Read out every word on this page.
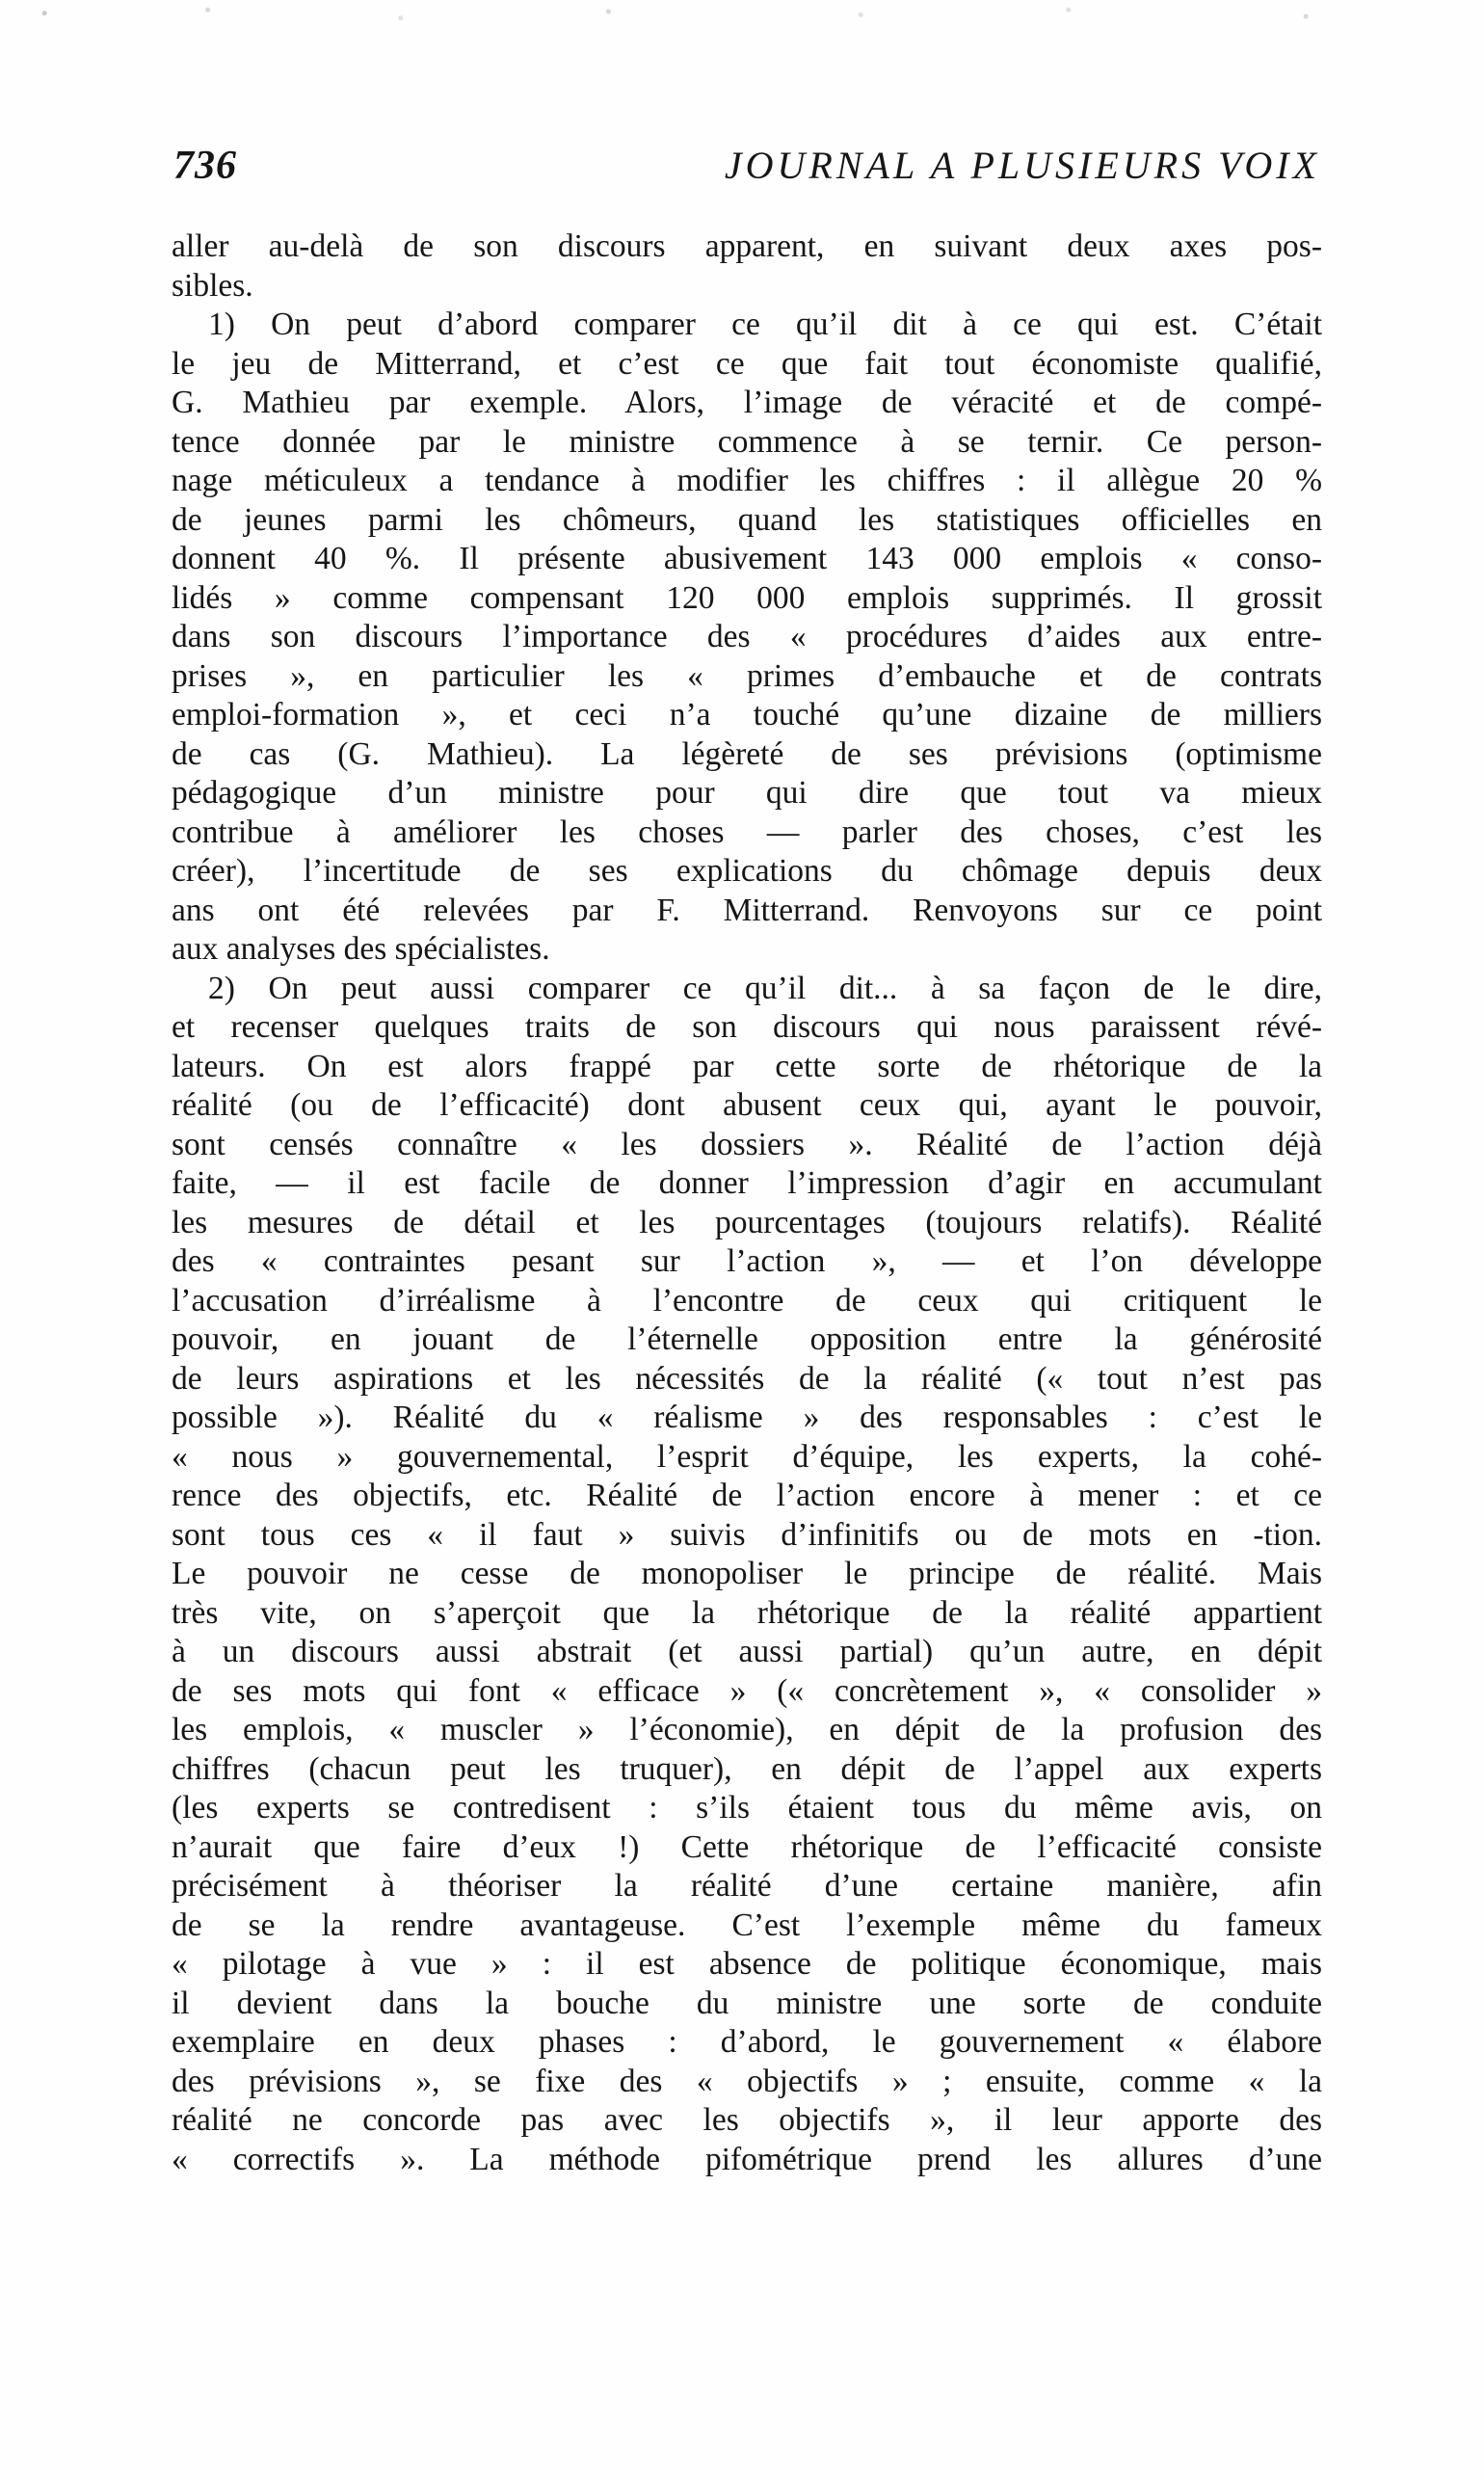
736	JOURNAL A PLUSIEURS VOIX
aller au-delà de son discours apparent, en suivant deux axes pos-
sibles.
1) On peut d’abord comparer ce qu’il dit à ce qui est. C’était
le jeu de Mitterrand, et c’est ce que fait tout économiste qualifié,
G. Mathieu par exemple. Alors, l’image de véracité et de compé-
tence donnée par le ministre commence à se ternir. Ce person-
nage méticuleux a tendance à modifier les chiffres : il allègue 20 %
de jeunes parmi les chômeurs, quand les statistiques officielles en
donnent 40 %. Il présente abusivement 143 000 emplois « conso-
lidés » comme compensant 120 000 emplois supprimés. Il grossit
dans son discours l’importance des « procédures d’aides aux entre-
prises », en particulier les « primes d’embauche et de contrats
emploi-formation », et ceci n’a touché qu’une dizaine de milliers
de cas (G. Mathieu). La légèreté de ses prévisions (optimisme
pédagogique d’un ministre pour qui dire que tout va mieux
contribue à améliorer les choses — parler des choses, c’est les
créer), l’incertitude de ses explications du chômage depuis deux
ans ont été relevées par F. Mitterrand. Renvoyons sur ce point
aux analyses des spécialistes.
2) On peut aussi comparer ce qu’il dit... à sa façon de le dire,
et recenser quelques traits de son discours qui nous paraissent révé-
lateurs. On est alors frappé par cette sorte de rhétorique de la
réalité (ou de l’efficacité) dont abusent ceux qui, ayant le pouvoir,
sont censés connaître « les dossiers ». Réalité de l’action déjà
faite, — il est facile de donner l’impression d’agir en accumulant
les mesures de détail et les pourcentages (toujours relatifs). Réalité
des « contraintes pesant sur l’action », — et l’on développe
l’accusation d’irréalisme à l’encontre de ceux qui critiquent le
pouvoir, en jouant de l’éternelle opposition entre la générosité
de leurs aspirations et les nécessités de la réalité (« tout n’est pas
possible »). Réalité du « réalisme » des responsables : c’est le
« nous » gouvernemental, l’esprit d’équipe, les experts, la cohé-
rence des objectifs, etc. Réalité de l’action encore à mener : et ce
sont tous ces « il faut » suivis d’infinitifs ou de mots en -tion.
Le pouvoir ne cesse de monopoliser le principe de réalité. Mais
très vite, on s’aperçoit que la rhétorique de la réalité appartient
à un discours aussi abstrait (et aussi partial) qu’un autre, en dépit
de ses mots qui font « efficace » (« concrètement », « consolider »
les emplois, « muscler » l’économie), en dépit de la profusion des
chiffres (chacun peut les truquer), en dépit de l’appel aux experts
(les experts se contredisent : s’ils étaient tous du même avis, on
n’aurait que faire d’eux !) Cette rhétorique de l’efficacité consiste
précisément à théoriser la réalité d’une certaine manière, afin
de se la rendre avantageuse. C’est l’exemple même du fameux
« pilotage à vue » : il est absence de politique économique, mais
il devient dans la bouche du ministre une sorte de conduite
exemplaire en deux phases : d’abord, le gouvernement « élabore
des prévisions », se fixe des « objectifs » ; ensuite, comme « la
réalité ne concorde pas avec les objectifs », il leur apporte des
« correctifs ». La méthode pifométrique prend les allures d’une
